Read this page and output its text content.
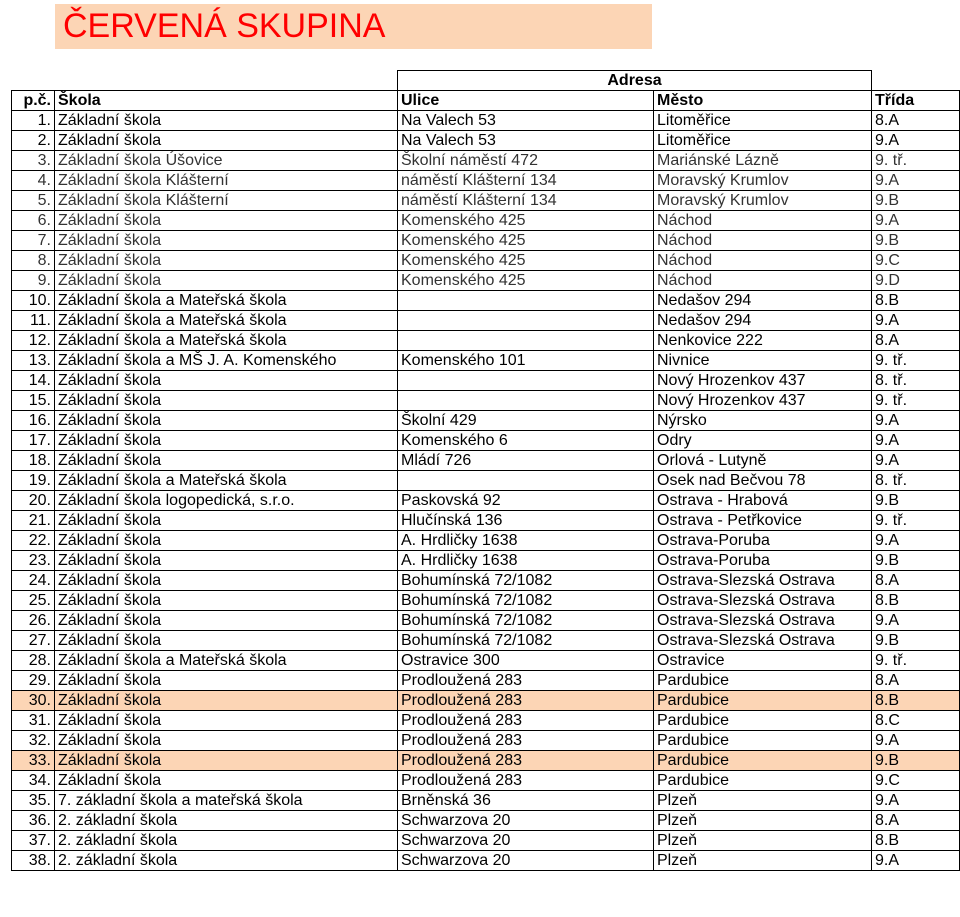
ČERVENÁ SKUPINA
Adresa
p.č.	Škola	Ulice	Město	Třída
1.	Základní škola	Na Valech 53	Litoměřice	8.A
2.	Základní škola	Na Valech 53	Litoměřice	9.A
3.	Základní škola Úšovice	Školní náměstí 472	Mariánské Lázně	9. tř.
4.	Základní škola Klášterní	náměstí Klášterní 134	Moravský Krumlov	9.A
5.	Základní škola Klášterní	náměstí Klášterní 134	Moravský Krumlov	9.B
6.	Základní škola	Komenského 425	Náchod	9.A
7.	Základní škola	Komenského 425	Náchod	9.B
8.	Základní škola	Komenského 425	Náchod	9.C
9.	Základní škola	Komenského 425	Náchod	9.D
10.	Základní škola a Mateřská škola		Nedašov 294	8.B
11.	Základní škola a Mateřská škola		Nedašov 294	9.A
12.	Základní škola a Mateřská škola		Nenkovice 222	8.A
13.	Základní škola a MŠ J. A. Komenského	Komenského 101	Nivnice	9. tř.
14.	Základní škola		Nový Hrozenkov 437	8. tř.
15.	Základní škola		Nový Hrozenkov 437	9. tř.
16.	Základní škola	Školní 429	Nýrsko	9.A
17.	Základní škola	Komenského 6	Odry	9.A
18.	Základní škola	Mládí 726	Orlová - Lutyně	9.A
19.	Základní škola a Mateřská škola		Osek nad Bečvou 78	8. tř.
20.	Základní škola logopedická, s.r.o.	Paskovská 92	Ostrava - Hrabová	9.B
21.	Základní škola	Hlučínská 136	Ostrava - Petřkovice	9. tř.
22.	Základní škola	A. Hrdličky 1638	Ostrava-Poruba	9.A
23.	Základní škola	A. Hrdličky 1638	Ostrava-Poruba	9.B
24.	Základní škola	Bohumínská 72/1082	Ostrava-Slezská Ostrava	8.A
25.	Základní škola	Bohumínská 72/1082	Ostrava-Slezská Ostrava	8.B
26.	Základní škola	Bohumínská 72/1082	Ostrava-Slezská Ostrava	9.A
27.	Základní škola	Bohumínská 72/1082	Ostrava-Slezská Ostrava	9.B
28.	Základní škola a Mateřská škola	Ostravice 300	Ostravice	9. tř.
29.	Základní škola	Prodloužená 283	Pardubice	8.A
30.	Základní škola	Prodloužená 283	Pardubice	8.B
31.	Základní škola	Prodloužená 283	Pardubice	8.C
32.	Základní škola	Prodloužená 283	Pardubice	9.A
33.	Základní škola	Prodloužená 283	Pardubice	9.B
34.	Základní škola	Prodloužená 283	Pardubice	9.C
35.	7. základní škola a mateřská škola	Brněnská 36	Plzeň	9.A
36.	2. základní škola	Schwarzova 20	Plzeň	8.A
37.	2. základní škola	Schwarzova 20	Plzeň	8.B
38.	2. základní škola	Schwarzova 20	Plzeň	9.A
